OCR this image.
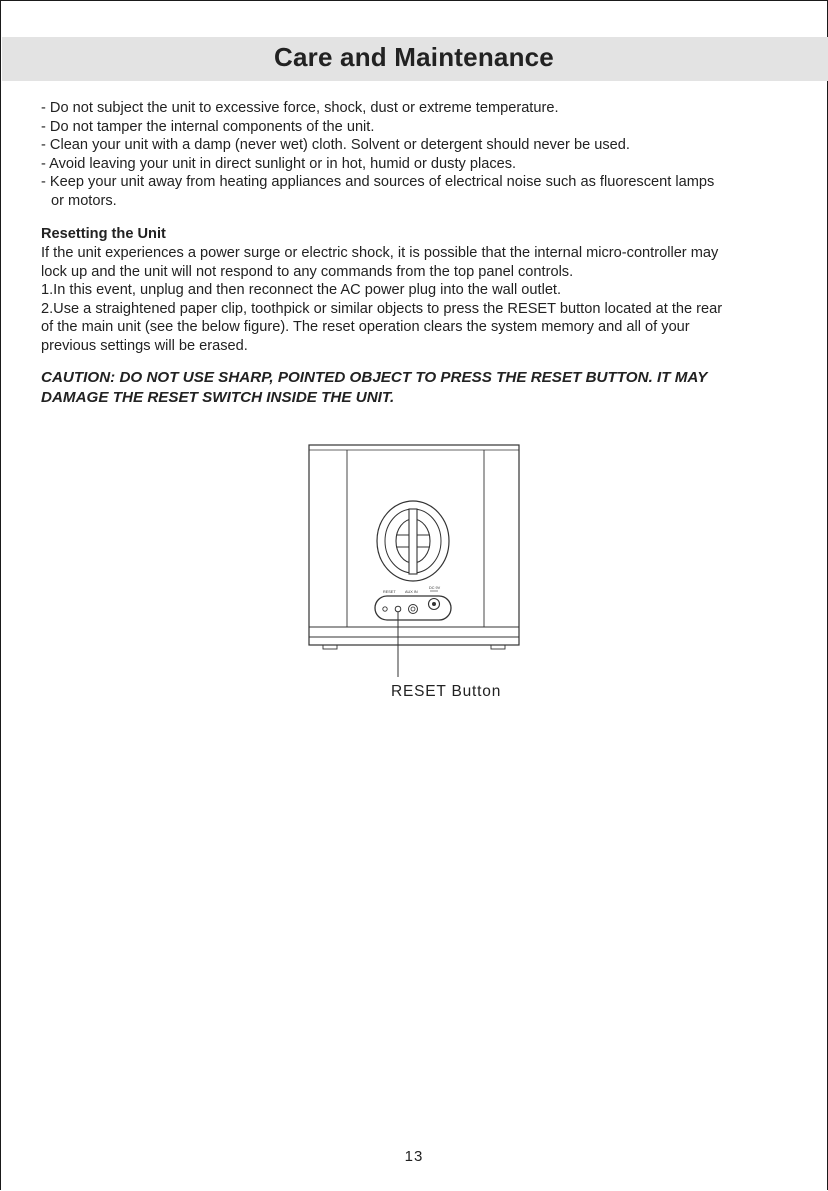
Care and Maintenance
- Do not subject the unit to excessive force, shock, dust or extreme temperature.
- Do not tamper the internal components of the unit.
- Clean your unit with a damp (never wet) cloth. Solvent or detergent should never be used.
- Avoid leaving your unit in direct sunlight or in hot, humid or dusty places.
- Keep your unit away from heating appliances and sources of electrical noise such as fluorescent lamps
or motors.
Resetting the Unit

If the unit experiences a power surge or electric shock, it is possible that the internal micro-controller may
lock up and the unit will not respond to any commands from the top panel controls.

1.In this event, unplug and then reconnect the AC power plug into the wall outlet.
2.Use a straightened paper clip, toothpick or similar objects to press the RESET button located at the rear
of the main unit (see the below figure). The reset operation clears the system memory and all of your
previous settings will be erased.

CAUTION: DO NOT USE SHARP, POINTED OBJECT TO PRESS THE RESET BUTTON. IT MAY
DAMAGE THE RESET SWITCH INSIDE THE UNIT.

RESET AUX IN
DC 9V
RESET Button
13
